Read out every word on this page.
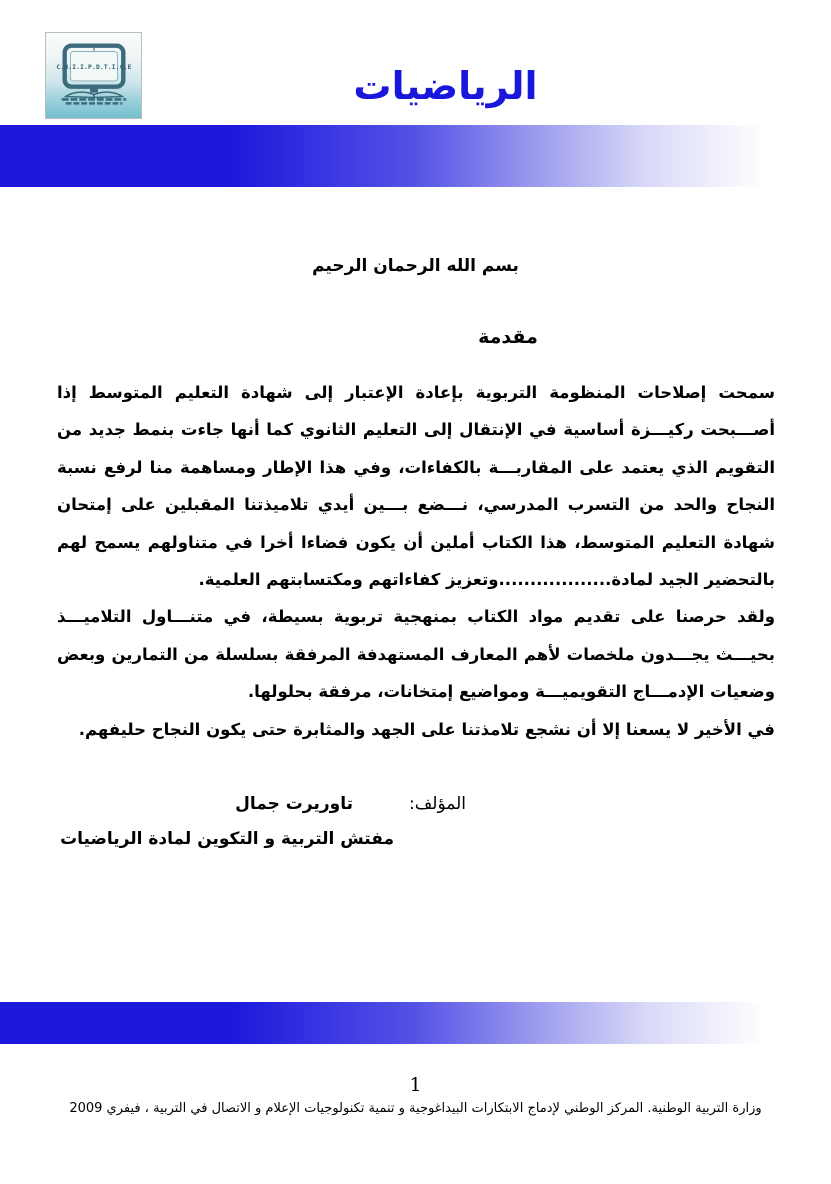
C.N.I.I.P.D.T.I.C.E	الرياضيات
بسم الله الرحمان الرحيم
مقدمة

سمحت إصلاحات المنظومة التربوية بإعادة الإعتبار إلى شهادة التعليم المتوسط إذا أصـــبحت ركيـــزة أساسية في الإنتقال إلى التعليم الثانوي كما أنها جاءت بنمط جديد من التقويم الذي يعتمد على المقاربـــة بالكفاءات، وفي هذا الإطار ومساهمة منا لرفع نسبة النجاح والحد من التسرب المدرسي، نـــضع بـــين أيدي تلاميذتنا المقبلين على إمتحان شهادة التعليم المتوسط، هذا الكتاب أملين أن يكون فضاءا أخرا في متناولهم يسمح لهم بالتحضير الجيد لمادة..................وتعزيز كفاءاتهم ومكتسابتهم العلمية.

ولقد حرصنا على تقديم مواد الكتاب بمنهجية تربوية بسيطة، في متنـــاول التلاميـــذ بحيـــث يجـــدون ملخصات لأهم المعارف المستهدفة المرفقة بسلسلة من التمارين وبعض وضعيات الإدمـــاج التقويميـــة ومواضيع إمتخانات، مرفقة بحلولها.

في الأخير لا يسعنا إلا أن نشجع تلامذتنا على الجهد والمثابرة حتى يكون النجاح حليفهم.

المؤلف:تاوريرت جمال
مفتش التربية و التكوين لمادة الرياضيات
1
وزارة التربية الوطنية. المركز الوطني لإدماج الابتكارات البيداغوجية و تنمية تكنولوجيات الإعلام و الاتصال في التربية ، فيفري 2009
